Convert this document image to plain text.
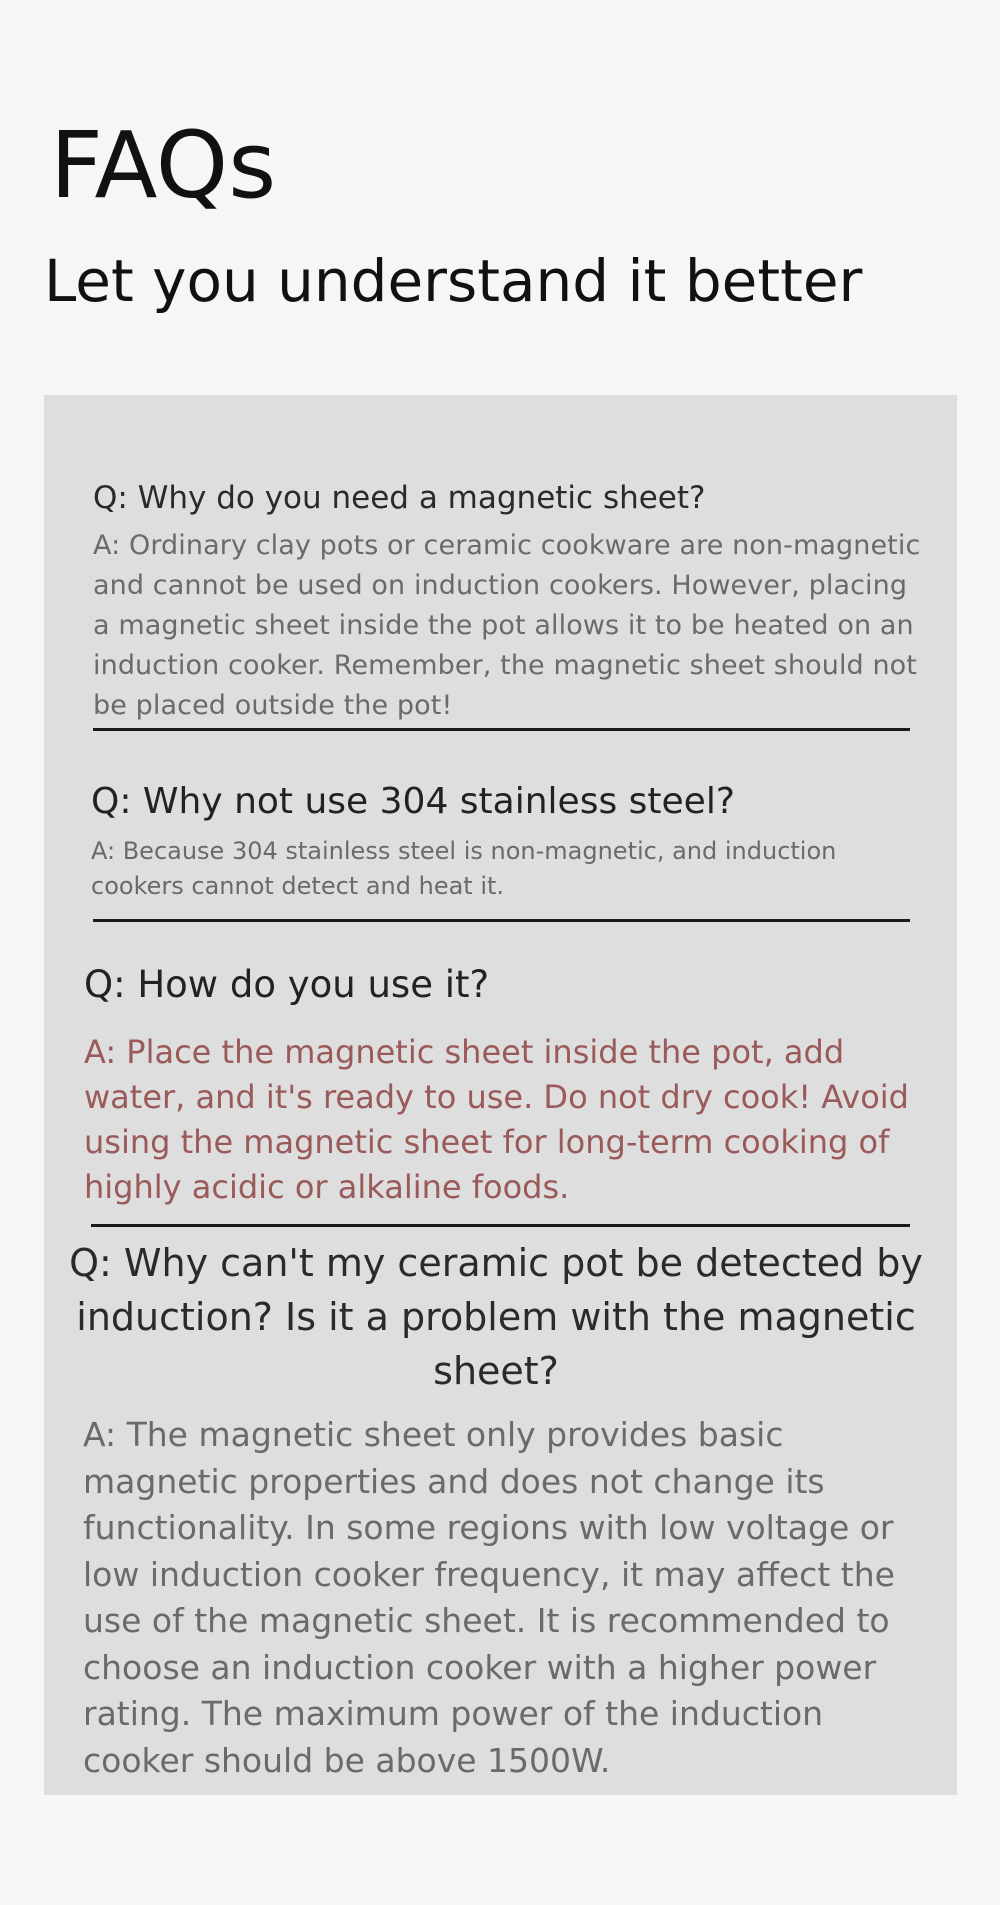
FAQs
Let you understand it better

Q: Why do you need a magnetic sheet?

A: Ordinary clay pots or ceramic cookware are non-magnetic and cannot be used on induction cookers. However, placing a magnetic sheet inside the pot allows it to be heated on an induction cooker. Remember, the magnetic sheet should not be placed outside the pot!

Q: Why not use 304 stainless steel?

A: Because 304 stainless steel is non-magnetic, and induction cookers cannot detect and heat it.

Q: How do you use it?

A: Place the magnetic sheet inside the pot, add water, and it's ready to use. Do not dry cook! Avoid using the magnetic sheet for long-term cooking of highly acidic or alkaline foods.

Q: Why can't my ceramic pot be detected by induction? Is it a problem with the magnetic sheet?

A: The magnetic sheet only provides basic magnetic properties and does not change its functionality. In some regions with low voltage or low induction cooker frequency, it may affect the use of the magnetic sheet. It is recommended to choose an induction cooker with a higher power rating. The maximum power of the induction cooker should be above 1500W.
